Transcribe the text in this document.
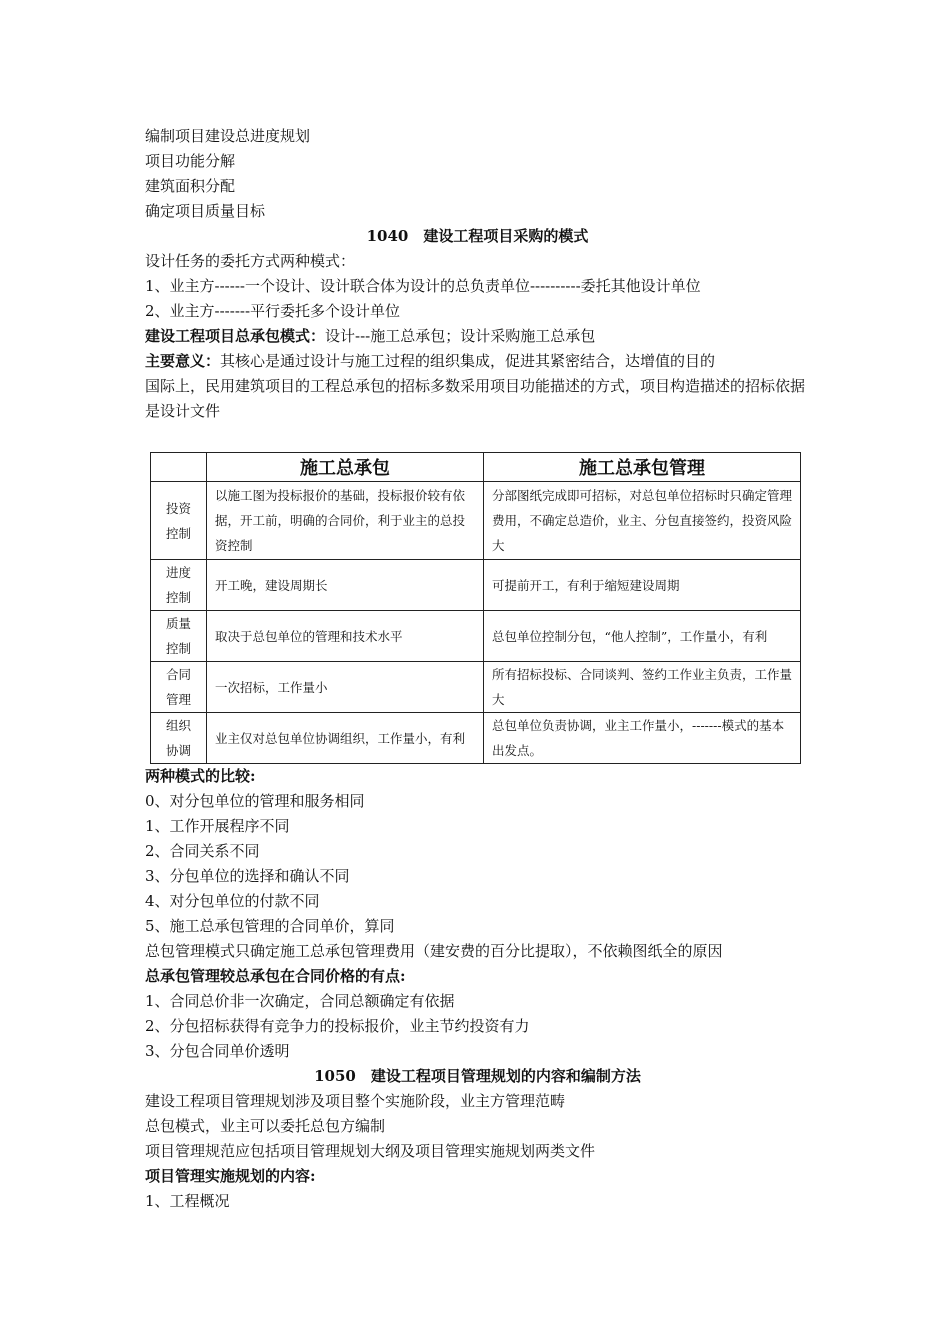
编制项目建设总进度规划
项目功能分解
建筑面积分配
确定项目质量目标
1040　建设工程项目采购的模式
设计任务的委托方式两种模式：
1、业主方------一个设计、设计联合体为设计的总负责单位----------委托其他设计单位
2、业主方-------平行委托多个设计单位
建设工程项目总承包模式：设计---施工总承包；设计采购施工总承包
主要意义：其核心是通过设计与施工过程的组织集成，促进其紧密结合，达增值的目的
国际上，民用建筑项目的工程总承包的招标多数采用项目功能描述的方式，项目构造描述的招标依据是设计文件
	施工总承包	施工总承包管理

投资
控制	以施工图为投标报价的基础，投标报价较有依据，开工前，明确的合同价，利于业主的总投资控制	分部图纸完成即可招标，对总包单位招标时只确定管理费用，不确定总造价，业主、分包直接签约，投资风险大

进度
控制	开工晚，建设周期长	可提前开工，有利于缩短建设周期

质量
控制	取决于总包单位的管理和技术水平	总包单位控制分包，“他人控制”，工作量小，有利

合同
管理	一次招标，工作量小	所有招标投标、合同谈判、签约工作业主负责，工作量大

组织
协调	业主仅对总包单位协调组织，工作量小，有利	总包单位负责协调，业主工作量小，-------模式的基本出发点。
两种模式的比较:
0、对分包单位的管理和服务相同
1、工作开展程序不同
2、合同关系不同
3、分包单位的选择和确认不同
4、对分包单位的付款不同
5、施工总承包管理的合同单价，算同
总包管理模式只确定施工总承包管理费用（建安费的百分比提取），不依赖图纸全的原因
总承包管理较总承包在合同价格的有点:
1、合同总价非一次确定，合同总额确定有依据
2、分包招标获得有竞争力的投标报价，业主节约投资有力
3、分包合同单价透明
1050　建设工程项目管理规划的内容和编制方法
建设工程项目管理规划涉及项目整个实施阶段，业主方管理范畴
总包模式，业主可以委托总包方编制
项目管理规范应包括项目管理规划大纲及项目管理实施规划两类文件
项目管理实施规划的内容:
1、工程概况
